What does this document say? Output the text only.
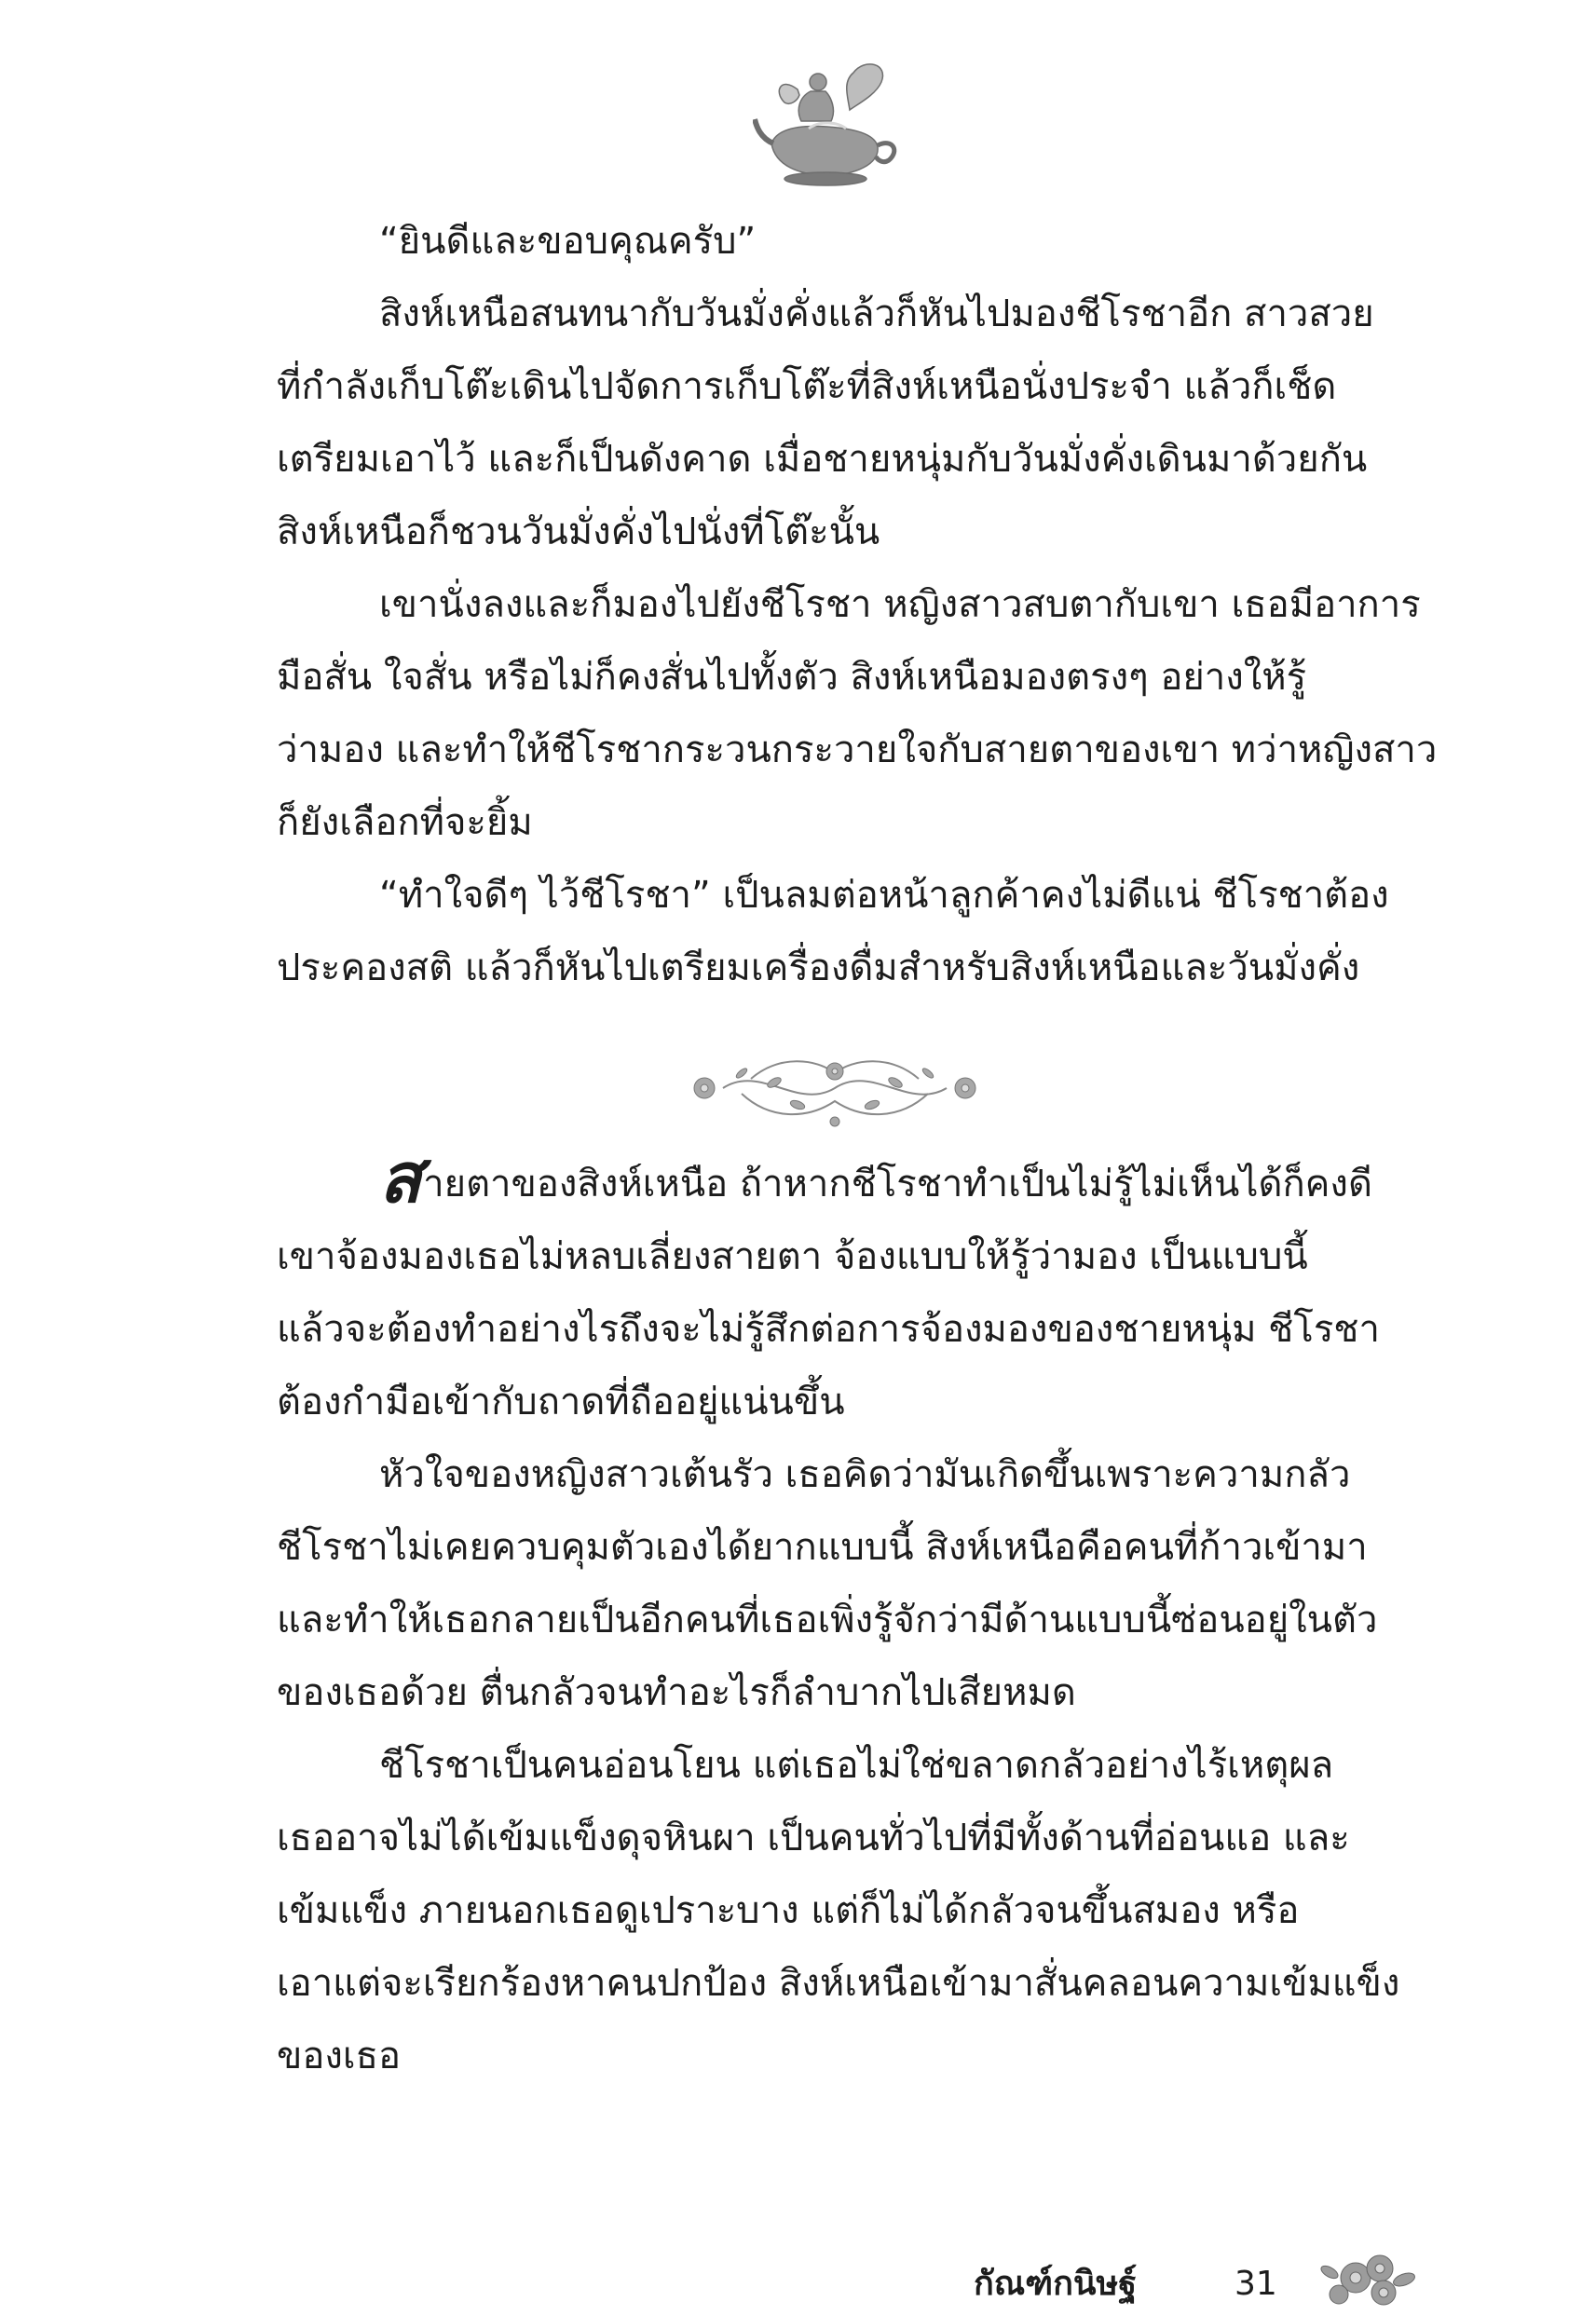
“ยินดีและขอบคุณครับ”
สิงห์เหนือสนทนากับวันมั่งคั่งแล้วก็หันไปมองชีโรชาอีก สาวสวย
ที่กำลังเก็บโต๊ะเดินไปจัดการเก็บโต๊ะที่สิงห์เหนือนั่งประจำ แล้วก็เช็ด
เตรียมเอาไว้ และก็เป็นดังคาด เมื่อชายหนุ่มกับวันมั่งคั่งเดินมาด้วยกัน
สิงห์เหนือก็ชวนวันมั่งคั่งไปนั่งที่โต๊ะนั้น
เขานั่งลงและก็มองไปยังชีโรชา หญิงสาวสบตากับเขา เธอมีอาการ
มือสั่น ใจสั่น หรือไม่ก็คงสั่นไปทั้งตัว สิงห์เหนือมองตรงๆ อย่างให้รู้
ว่ามอง และทำให้ชีโรชากระวนกระวายใจกับสายตาของเขา ทว่าหญิงสาว
ก็ยังเลือกที่จะยิ้ม
“ทำใจดีๆ ไว้ชีโรชา” เป็นลมต่อหน้าลูกค้าคงไม่ดีแน่ ชีโรชาต้อง
ประคองสติ แล้วก็หันไปเตรียมเครื่องดื่มสำหรับสิงห์เหนือและวันมั่งคั่ง
สายตาของสิงห์เหนือ ถ้าหากชีโรชาทำเป็นไม่รู้ไม่เห็นได้ก็คงดี
เขาจ้องมองเธอไม่หลบเลี่ยงสายตา จ้องแบบให้รู้ว่ามอง เป็นแบบนี้
แล้วจะต้องทำอย่างไรถึงจะไม่รู้สึกต่อการจ้องมองของชายหนุ่ม ชีโรชา
ต้องกำมือเข้ากับถาดที่ถืออยู่แน่นขึ้น
หัวใจของหญิงสาวเต้นรัว เธอคิดว่ามันเกิดขึ้นเพราะความกลัว
ชีโรชาไม่เคยควบคุมตัวเองได้ยากแบบนี้ สิงห์เหนือคือคนที่ก้าวเข้ามา
และทำให้เธอกลายเป็นอีกคนที่เธอเพิ่งรู้จักว่ามีด้านแบบนี้ซ่อนอยู่ในตัว
ของเธอด้วย ตื่นกลัวจนทำอะไรก็ลำบากไปเสียหมด
ชีโรชาเป็นคนอ่อนโยน แต่เธอไม่ใช่ขลาดกลัวอย่างไร้เหตุผล
เธออาจไม่ได้เข้มแข็งดุจหินผา เป็นคนทั่วไปที่มีทั้งด้านที่อ่อนแอ และ
เข้มแข็ง ภายนอกเธอดูเปราะบาง แต่ก็ไม่ได้กลัวจนขึ้นสมอง หรือ
เอาแต่จะเรียกร้องหาคนปกป้อง สิงห์เหนือเข้ามาสั่นคลอนความเข้มแข็ง
ของเธอ
กัณฑ์กนิษฐ์	31
